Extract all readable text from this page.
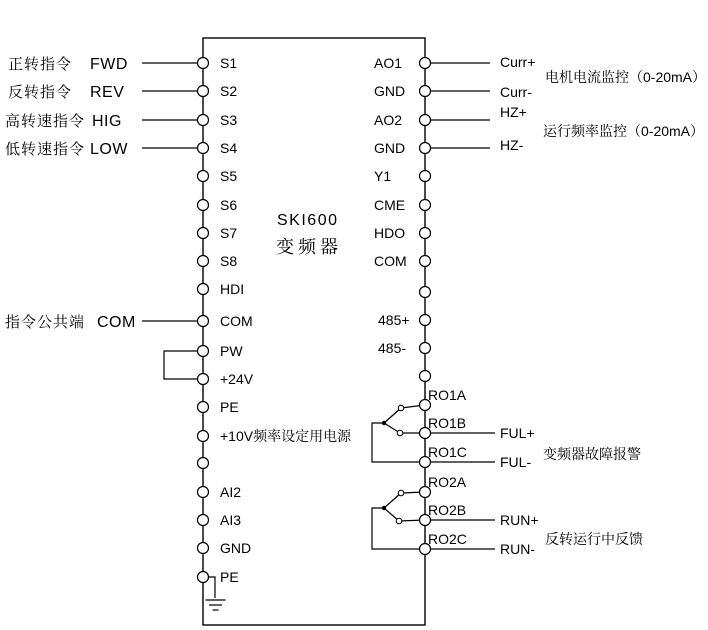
SKI600
变频器
正转指令 FWD
反转指令 REV
高转速指令 HIG
低转速指令 LOW
指令公共端 COM
S1
S2
S3
S4
S5
S6
S7
S8
HDI
COM
PW
+24V
PE
+10V频率设定用电源
AI2
AI3
GND
PE
AO1
GND
AO2
GND
Y1
CME
HDO
COM
485+
485-
RO1A
RO1B
RO1C
RO2A
RO2B
RO2C
Curr+
Curr-
HZ+
HZ-
FUL+
FUL-
RUN+
RUN-
电机电流监控（0-20mA）
运行频率监控（0-20mA）
变频器故障报警
反转运行中反馈
